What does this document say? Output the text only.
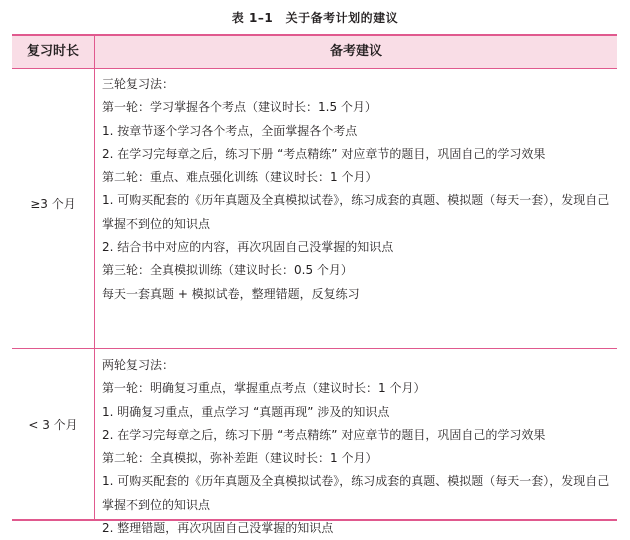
表 1–1　关于备考计划的建议
复习时长	备考建议
≥3 个月

三轮复习法：

第一轮：学习掌握各个考点（建议时长：1.5 个月）

1. 按章节逐个学习各个考点，全面掌握各个考点

2. 在学习完每章之后，练习下册 “考点精练” 对应章节的题目，巩固自己的学习效果

第二轮：重点、难点强化训练（建议时长：1 个月）

1. 可购买配套的《历年真题及全真模拟试卷》，练习成套的真题、模拟题（每天一套），发现自己掌握不到位的知识点

2. 结合书中对应的内容，再次巩固自己没掌握的知识点

第三轮：全真模拟训练（建议时长：0.5 个月）

每天一套真题 + 模拟试卷，整理错题，反复练习

< 3 个月

两轮复习法：

第一轮：明确复习重点，掌握重点考点（建议时长：1 个月）

1. 明确复习重点，重点学习 “真题再现” 涉及的知识点

2. 在学习完每章之后，练习下册 “考点精练” 对应章节的题目，巩固自己的学习效果

第二轮：全真模拟，弥补差距（建议时长：1 个月）

1. 可购买配套的《历年真题及全真模拟试卷》，练习成套的真题、模拟题（每天一套），发现自己掌握不到位的知识点

2. 整理错题，再次巩固自己没掌握的知识点
